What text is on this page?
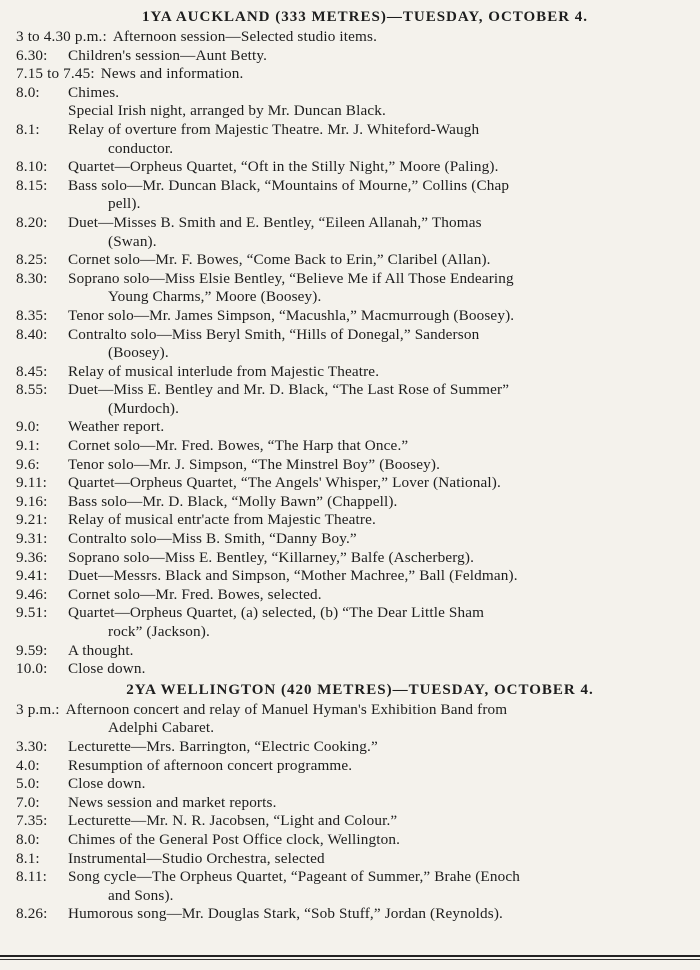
1YA AUCKLAND (333 METRES)—TUESDAY, OCTOBER 4.
3 to 4.30 p.m.: Afternoon session—Selected studio items.
6.30: Children's session—Aunt Betty.
7.15 to 7.45: News and information.
8.0: Chimes.
Special Irish night, arranged by Mr. Duncan Black.
8.1: Relay of overture from Majestic Theatre. Mr. J. Whiteford-Waugh
conductor.
8.10: Quartet—Orpheus Quartet, “Oft in the Stilly Night,” Moore (Paling).
8.15: Bass solo—Mr. Duncan Black, “Mountains of Mourne,” Collins (Chap
pell).
8.20: Duet—Misses B. Smith and E. Bentley, “Eileen Allanah,” Thomas
(Swan).
8.25: Cornet solo—Mr. F. Bowes, “Come Back to Erin,” Claribel (Allan).
8.30: Soprano solo—Miss Elsie Bentley, “Believe Me if All Those Endearing
Young Charms,” Moore (Boosey).
8.35: Tenor solo—Mr. James Simpson, “Macushla,” Macmurrough (Boosey).
8.40: Contralto solo—Miss Beryl Smith, “Hills of Donegal,” Sanderson
(Boosey).
8.45: Relay of musical interlude from Majestic Theatre.
8.55: Duet—Miss E. Bentley and Mr. D. Black, “The Last Rose of Summer”
(Murdoch).
9.0: Weather report.
9.1: Cornet solo—Mr. Fred. Bowes, “The Harp that Once.”
9.6: Tenor solo—Mr. J. Simpson, “The Minstrel Boy” (Boosey).
9.11: Quartet—Orpheus Quartet, “The Angels' Whisper,” Lover (National).
9.16: Bass solo—Mr. D. Black, “Molly Bawn” (Chappell).
9.21: Relay of musical entr'acte from Majestic Theatre.
9.31: Contralto solo—Miss B. Smith, “Danny Boy.”
9.36: Soprano solo—Miss E. Bentley, “Killarney,” Balfe (Ascherberg).
9.41: Duet—Messrs. Black and Simpson, “Mother Machree,” Ball (Feldman).
9.46: Cornet solo—Mr. Fred. Bowes, selected.
9.51: Quartet—Orpheus Quartet, (a) selected, (b) “The Dear Little Sham
rock” (Jackson).
9.59: A thought.
10.0: Close down.
2YA WELLINGTON (420 METRES)—TUESDAY, OCTOBER 4.
3 p.m.: Afternoon concert and relay of Manuel Hyman's Exhibition Band from
Adelphi Cabaret.
3.30: Lecturette—Mrs. Barrington, “Electric Cooking.”
4.0: Resumption of afternoon concert programme.
5.0: Close down.
7.0: News session and market reports.
7.35: Lecturette—Mr. N. R. Jacobsen, “Light and Colour.”
8.0: Chimes of the General Post Office clock, Wellington.
8.1: Instrumental—Studio Orchestra, selected
8.11: Song cycle—The Orpheus Quartet, “Pageant of Summer,” Brahe (Enoch
and Sons).
8.26: Humorous song—Mr. Douglas Stark, “Sob Stuff,” Jordan (Reynolds).
